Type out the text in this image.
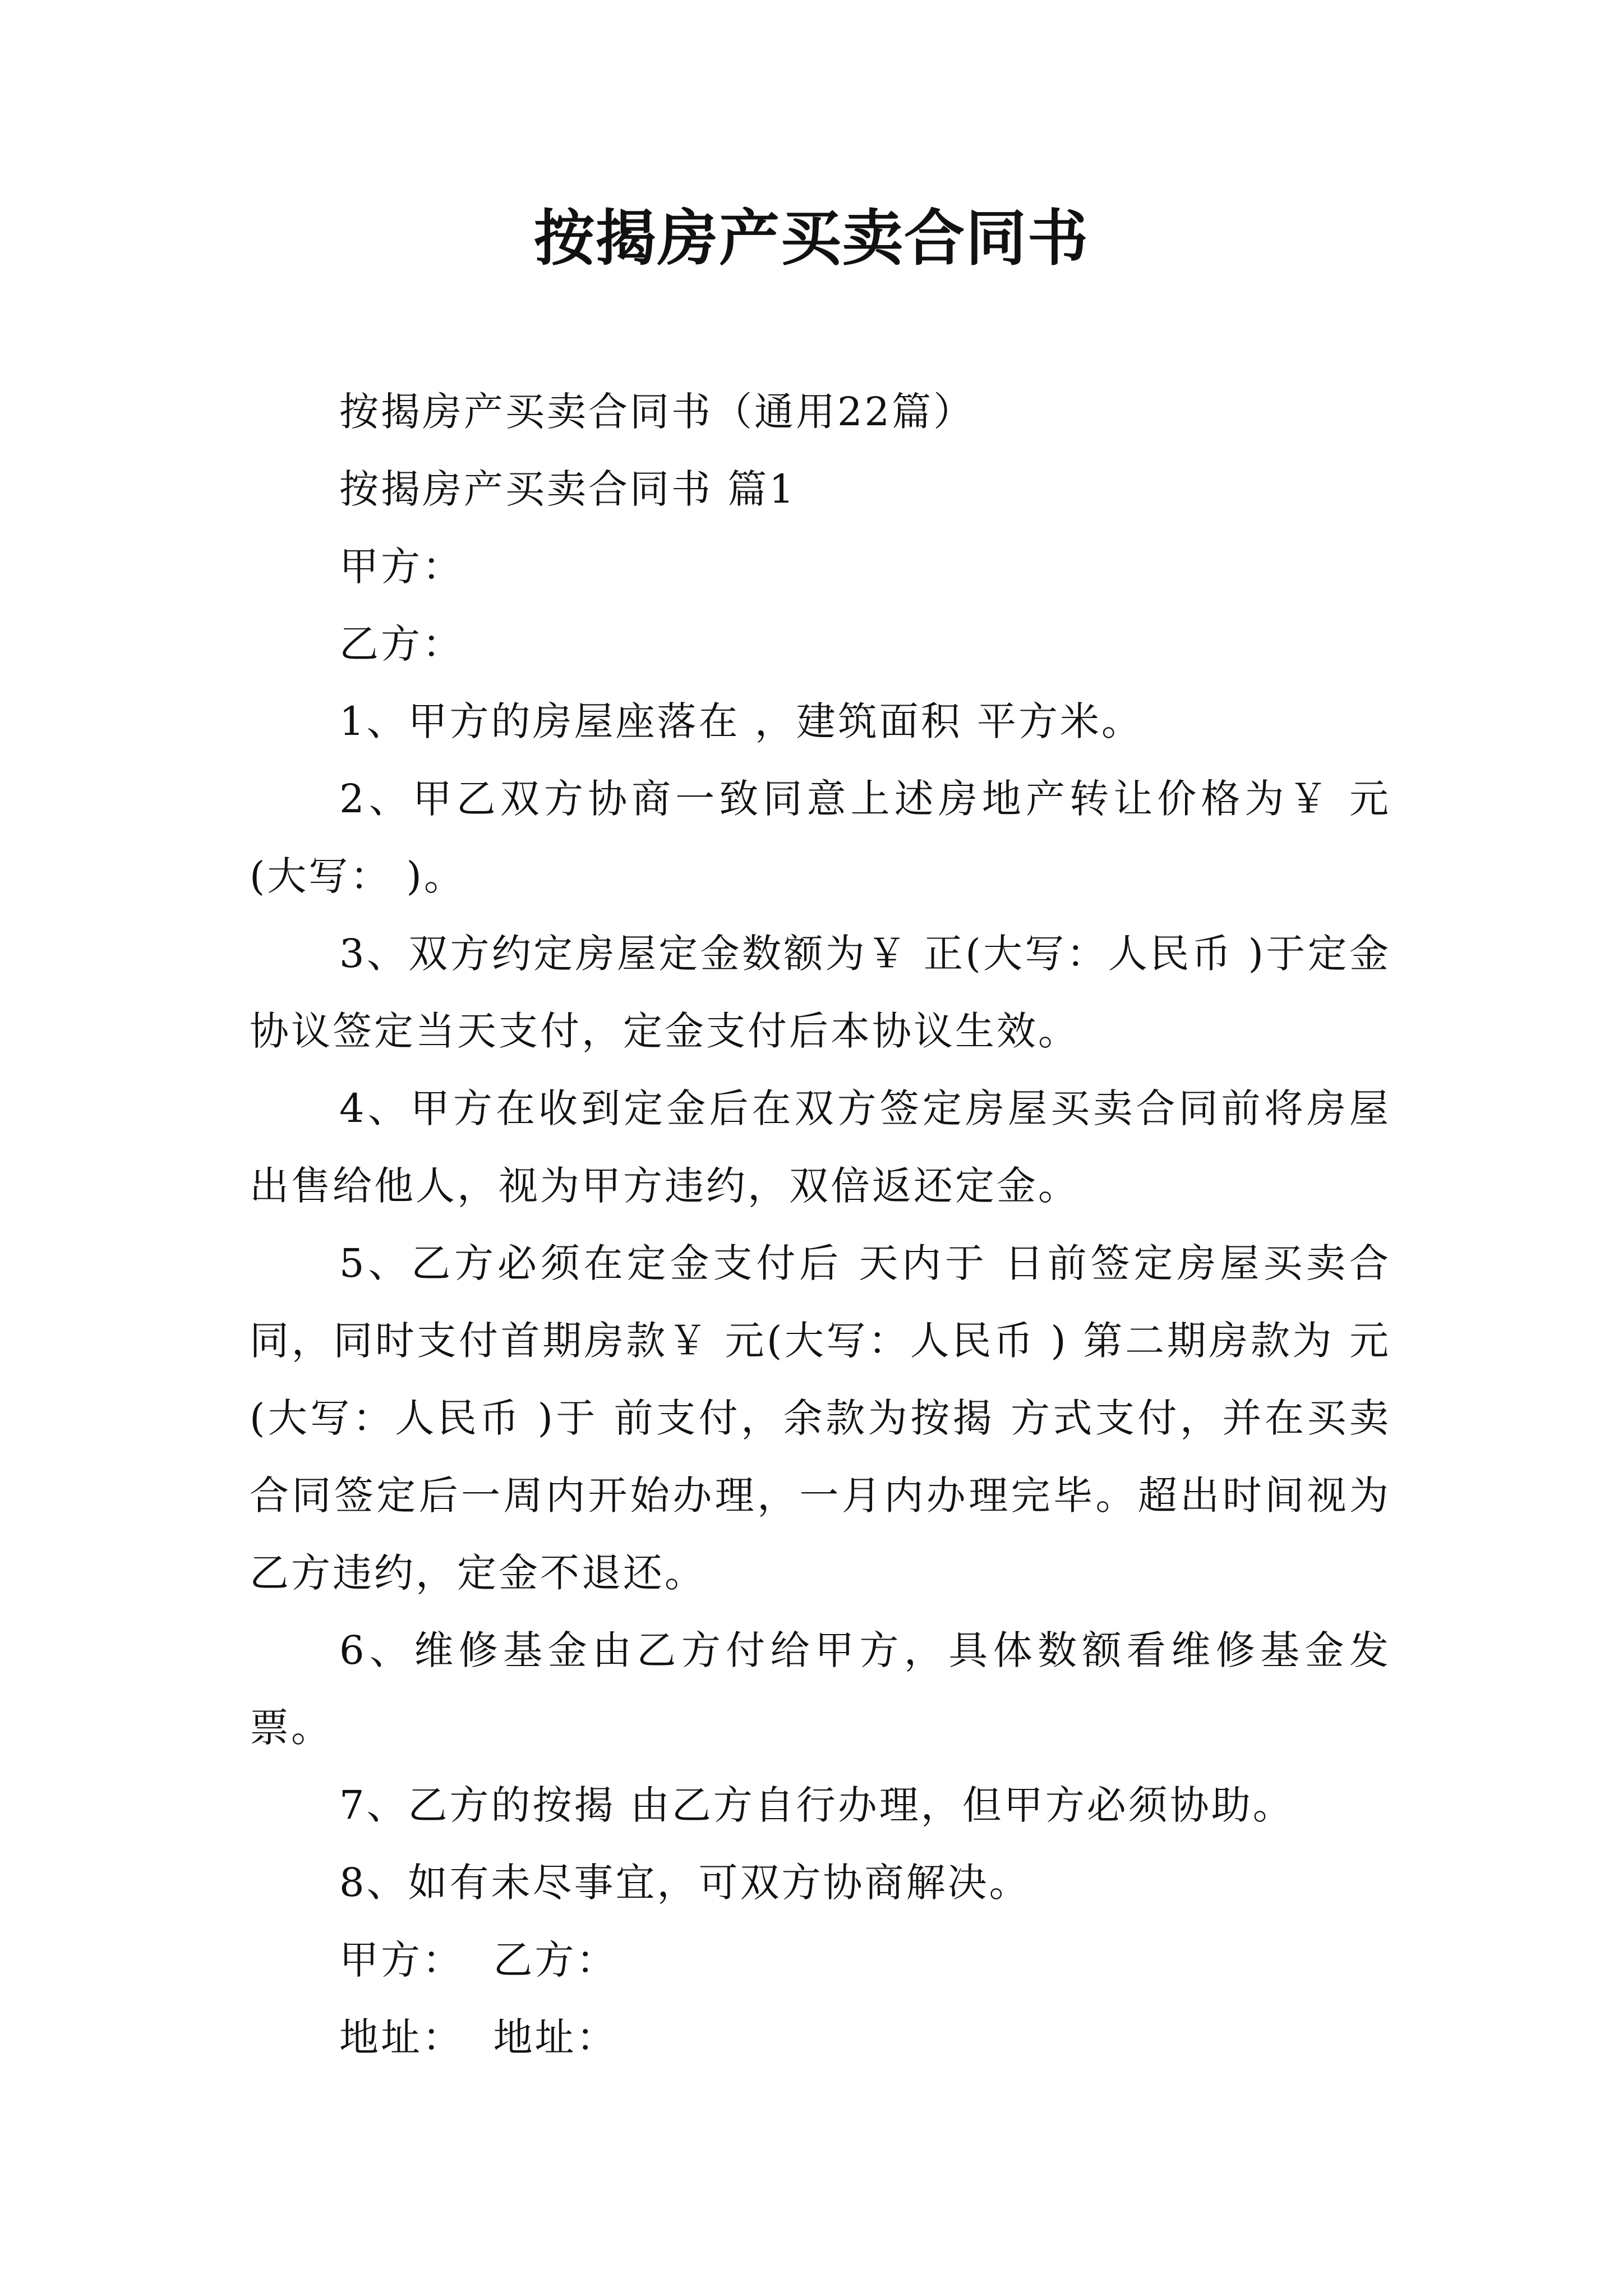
按揭房产买卖合同书

按揭房产买卖合同书（通用22篇）

按揭房产买卖合同书 篇1

甲方：

乙方：

1、甲方的房屋座落在 ，建筑面积 平方米。

2、甲乙双方协商一致同意上述房地产转让价格为￥ 元(大写： )。

3、双方约定房屋定金数额为￥ 正(大写：人民币 )于定金协议签定当天支付，定金支付后本协议生效。

4、甲方在收到定金后在双方签定房屋买卖合同前将房屋出售给他人，视为甲方违约，双倍返还定金。

5、乙方必须在定金支付后 天内于 日前签定房屋买卖合同，同时支付首期房款￥ 元(大写：人民币 ) 第二期房款为 元(大写：人民币 )于 前支付，余款为按揭 方式支付，并在买卖合同签定后一周内开始办理，一月内办理完毕。超出时间视为乙方违约，定金不退还。

6、维修基金由乙方付给甲方，具体数额看维修基金发票。

7、乙方的按揭 由乙方自行办理，但甲方必须协助。

8、如有未尽事宜，可双方协商解决。

甲方：  乙方：

地址：  地址：
